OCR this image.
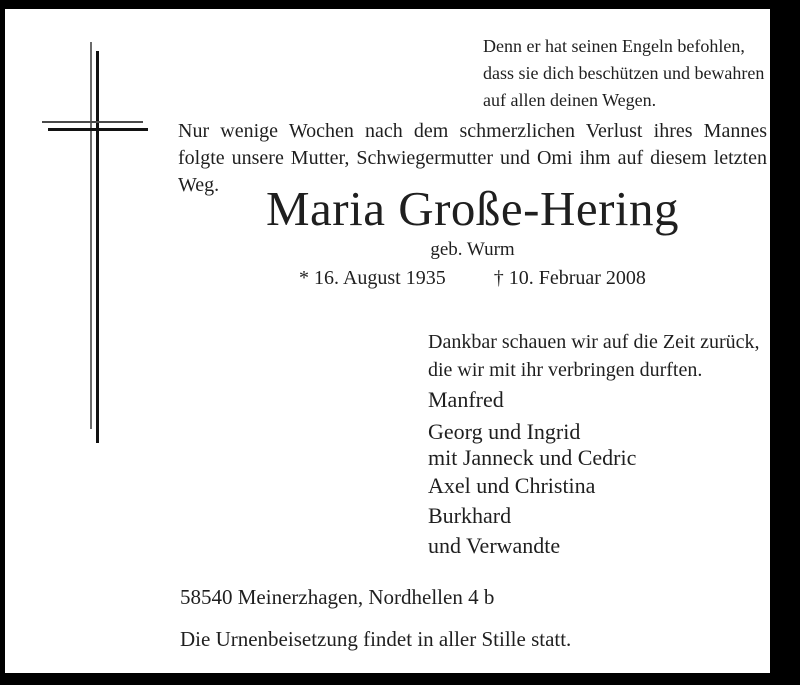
Denn er hat seinen Engeln befohlen,
dass sie dich beschützen und bewahren
auf allen deinen Wegen.
Nur wenige Wochen nach dem schmerzlichen Verlust ihres Mannes
folgte unsere Mutter, Schwiegermutter und Omi ihm auf diesem letzten
Weg. Maria Große-Hering
geb. Wurm
* 16. August 1935 † 10. Februar 2008
Dankbar schauen wir auf die Zeit zurück,
die wir mit ihr verbringen durften.
Manfred
Georg und Ingrid
mit Janneck und Cedric
Axel und Christina
Burkhard
und Verwandte
58540 Meinerzhagen, Nordhellen 4 b
Die Urnenbeisetzung findet in aller Stille statt.
